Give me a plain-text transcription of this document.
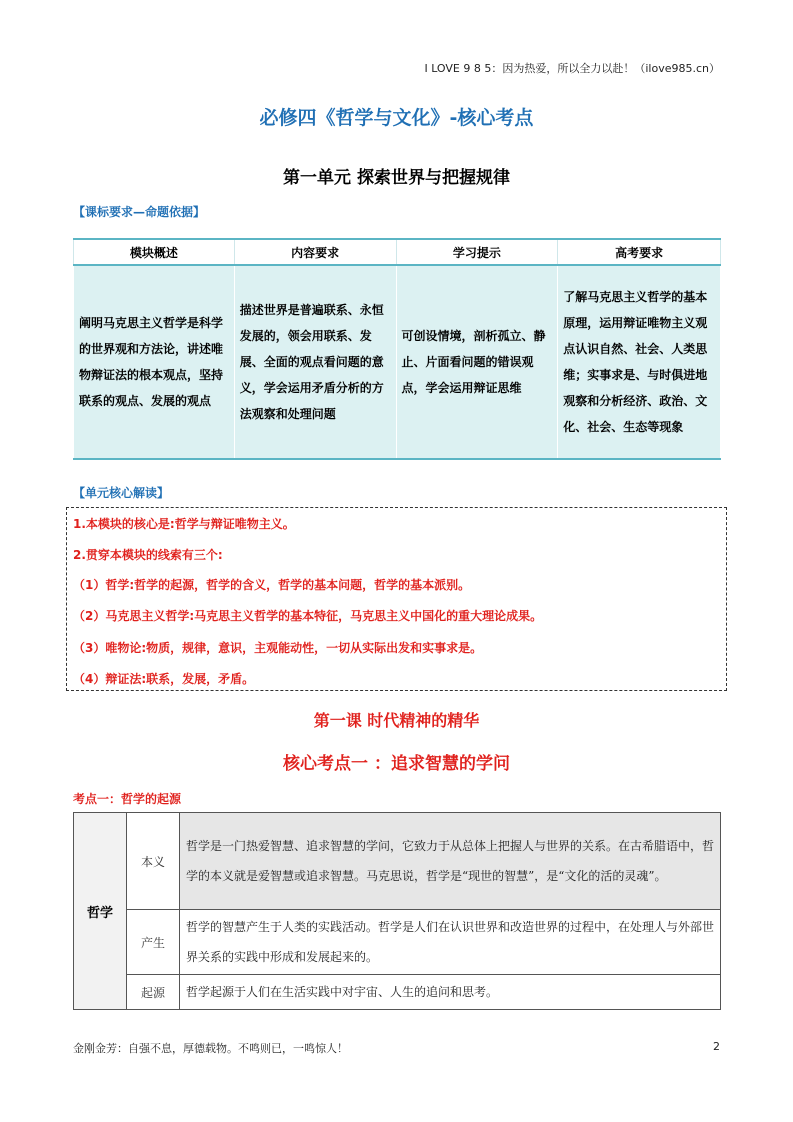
I LOVE 9 8 5：因为热爱，所以全力以赴！（ilove985.cn）
必修四《哲学与文化》-核心考点
第一单元 探索世界与把握规律
【课标要求—命题依据】
模块概述	内容要求	学习提示	高考要求
阐明马克思主义哲学是科学的世界观和方法论，讲述唯物辩证法的根本观点，坚持联系的观点、发展的观点	描述世界是普遍联系、永恒发展的，领会用联系、发展、全面的观点看问题的意义，学会运用矛盾分析的方法观察和处理问题	可创设情境，剖析孤立、静止、片面看问题的错误观点，学会运用辩证思维	了解马克思主义哲学的基本原理，运用辩证唯物主义观点认识自然、社会、人类思维；实事求是、与时俱进地观察和分析经济、政治、文化、社会、生态等现象
【单元核心解读】
1.本模块的核心是:哲学与辩证唯物主义。
2.贯穿本模块的线索有三个:
（1）哲学:哲学的起源，哲学的含义，哲学的基本问题，哲学的基本派别。
（2）马克思主义哲学:马克思主义哲学的基本特征，马克思主义中国化的重大理论成果。
（3）唯物论:物质，规律，意识，主观能动性，一切从实际出发和实事求是。
（4）辩证法:联系，发展，矛盾。
第一课 时代精神的精华
核心考点一 ：追求智慧的学问
考点一：哲学的起源
哲学	本义	哲学是一门热爱智慧、追求智慧的学问，它致力于从总体上把握人与世界的关系。在古希腊语中，哲学的本义就是爱智慧或追求智慧。马克思说，哲学是“现世的智慧”，是“文化的活的灵魂”。
	产生	哲学的智慧产生于人类的实践活动。哲学是人们在认识世界和改造世界的过程中，在处理人与外部世界关系的实践中形成和发展起来的。
	起源	哲学起源于人们在生活实践中对宇宙、人生的追问和思考。
金刚金芳：自强不息，厚德载物。不鸣则已，一鸣惊人！	2
